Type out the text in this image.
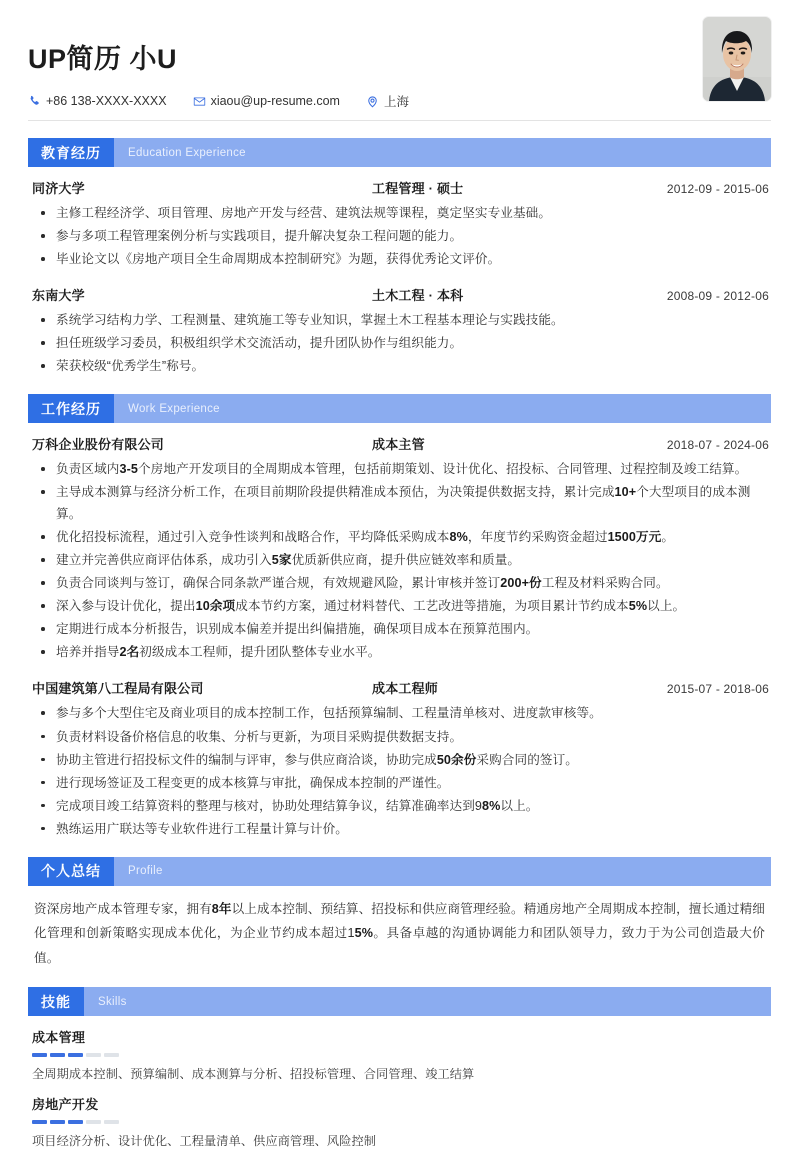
UP简历 小U
+86 138-XXXX-XXXX	xiaou@up-resume.com	上海
教育经历	Education Experience
同济大学	工程管理 · 硕士	2012-09 - 2015-06
主修工程经济学、项目管理、房地产开发与经营、建筑法规等课程，奠定坚实专业基础。
参与多项工程管理案例分析与实践项目，提升解决复杂工程问题的能力。
毕业论文以《房地产项目全生命周期成本控制研究》为题，获得优秀论文评价。
东南大学	土木工程 · 本科	2008-09 - 2012-06
系统学习结构力学、工程测量、建筑施工等专业知识，掌握土木工程基本理论与实践技能。
担任班级学习委员，积极组织学术交流活动，提升团队协作与组织能力。
荣获校级“优秀学生”称号。
工作经历	Work Experience
万科企业股份有限公司	成本主管	2018-07 - 2024-06
负责区域内3-5个房地产开发项目的全周期成本管理，包括前期策划、设计优化、招投标、合同管理、过程控制及竣工结算。
主导成本测算与经济分析工作，在项目前期阶段提供精准成本预估，为决策提供数据支持，累计完成10+个大型项目的成本测算。
优化招投标流程，通过引入竞争性谈判和战略合作，平均降低采购成本8%，年度节约采购资金超过1500万元。
建立并完善供应商评估体系，成功引入5家优质新供应商，提升供应链效率和质量。
负责合同谈判与签订，确保合同条款严谨合规，有效规避风险，累计审核并签订200+份工程及材料采购合同。
深入参与设计优化，提出10余项成本节约方案，通过材料替代、工艺改进等措施，为项目累计节约成本5%以上。
定期进行成本分析报告，识别成本偏差并提出纠偏措施，确保项目成本在预算范围内。
培养并指导2名初级成本工程师，提升团队整体专业水平。
中国建筑第八工程局有限公司	成本工程师	2015-07 - 2018-06
参与多个大型住宅及商业项目的成本控制工作，包括预算编制、工程量清单核对、进度款审核等。
负责材料设备价格信息的收集、分析与更新，为项目采购提供数据支持。
协助主管进行招投标文件的编制与评审，参与供应商洽谈，协助完成50余份采购合同的签订。
进行现场签证及工程变更的成本核算与审批，确保成本控制的严谨性。
完成项目竣工结算资料的整理与核对，协助处理结算争议，结算准确率达到98%以上。
熟练运用广联达等专业软件进行工程量计算与计价。
个人总结	Profile
资深房地产成本管理专家，拥有8年以上成本控制、预结算、招投标和供应商管理经验。精通房地产全周期成本控制，擅长通过精细化管理和创新策略实现成本优化，为企业节约成本超过15%。具备卓越的沟通协调能力和团队领导力，致力于为公司创造最大价值。
技能	Skills
成本管理
全周期成本控制、预算编制、成本测算与分析、招投标管理、合同管理、竣工结算
房地产开发
项目经济分析、设计优化、工程量清单、供应商管理、风险控制
